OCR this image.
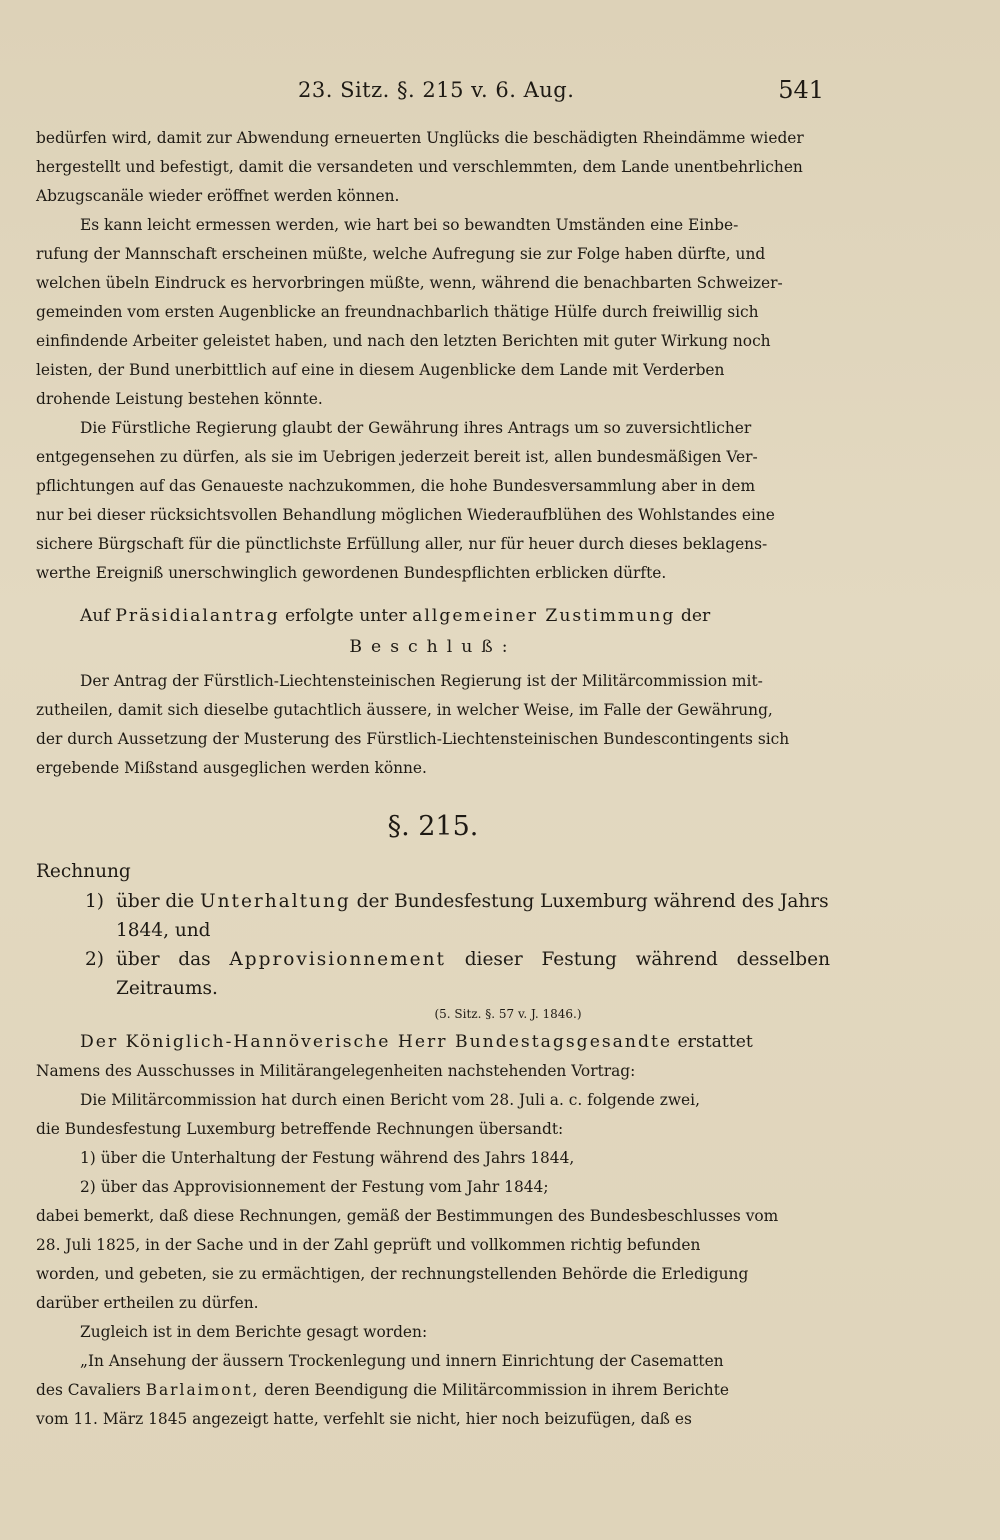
23. Sitz. §. 215 v. 6. Aug.	541

bedürfen wird, damit zur Abwendung erneuerten Unglücks die beschädigten Rheindämme wieder
hergestellt und befestigt, damit die versandeten und verschlemmten, dem Lande unentbehrlichen
Abzugscanäle wieder eröffnet werden können.

Es kann leicht ermessen werden, wie hart bei so bewandten Umständen eine Einbe-
rufung der Mannschaft erscheinen müßte, welche Aufregung sie zur Folge haben dürfte, und
welchen übeln Eindruck es hervorbringen müßte, wenn, während die benachbarten Schweizer-
gemeinden vom ersten Augenblicke an freundnachbarlich thätige Hülfe durch freiwillig sich
einfindende Arbeiter geleistet haben, und nach den letzten Berichten mit guter Wirkung noch
leisten, der Bund unerbittlich auf eine in diesem Augenblicke dem Lande mit Verderben
drohende Leistung bestehen könnte.

Die Fürstliche Regierung glaubt der Gewährung ihres Antrags um so zuversichtlicher
entgegensehen zu dürfen, als sie im Uebrigen jederzeit bereit ist, allen bundesmäßigen Ver-
pflichtungen auf das Genaueste nachzukommen, die hohe Bundesversammlung aber in dem
nur bei dieser rücksichtsvollen Behandlung möglichen Wiederaufblühen des Wohlstandes eine
sichere Bürgschaft für die pünctlichste Erfüllung aller, nur für heuer durch dieses beklagens-
werthe Ereigniß unerschwinglich gewordenen Bundespflichten erblicken dürfte.

Auf Präsidialantrag erfolgte unter allgemeiner Zustimmung der

Beschluß:

Der Antrag der Fürstlich-Liechtensteinischen Regierung ist der Militärcommission mit-
zutheilen, damit sich dieselbe gutachtlich äussere, in welcher Weise, im Falle der Gewährung,
der durch Aussetzung der Musterung des Fürstlich-Liechtensteinischen Bundescontingents sich
ergebende Mißstand ausgeglichen werden könne.

§. 215.

Rechnung

1) über die Unterhaltung der Bundesfestung Luxemburg während des Jahrs
1844, und
2) über das Approvisionnement dieser Festung während desselben Zeitraums.

(5. Sitz. §. 57 v. J. 1846.)

Der Königlich-Hannöverische Herr Bundestagsgesandte erstattet

Namens des Ausschusses in Militärangelegenheiten nachstehenden Vortrag:

Die Militärcommission hat durch einen Bericht vom 28. Juli a. c. folgende zwei,
die Bundesfestung Luxemburg betreffende Rechnungen übersandt:

1) über die Unterhaltung der Festung während des Jahrs 1844,

2) über das Approvisionnement der Festung vom Jahr 1844;

dabei bemerkt, daß diese Rechnungen, gemäß der Bestimmungen des Bundesbeschlusses vom
28. Juli 1825, in der Sache und in der Zahl geprüft und vollkommen richtig befunden
worden, und gebeten, sie zu ermächtigen, der rechnungstellenden Behörde die Erledigung
darüber ertheilen zu dürfen.

Zugleich ist in dem Berichte gesagt worden:

„In Ansehung der äussern Trockenlegung und innern Einrichtung der Casematten
des Cavaliers Barlaimont, deren Beendigung die Militärcommission in ihrem Berichte
vom 11. März 1845 angezeigt hatte, verfehlt sie nicht, hier noch beizufügen, daß es
